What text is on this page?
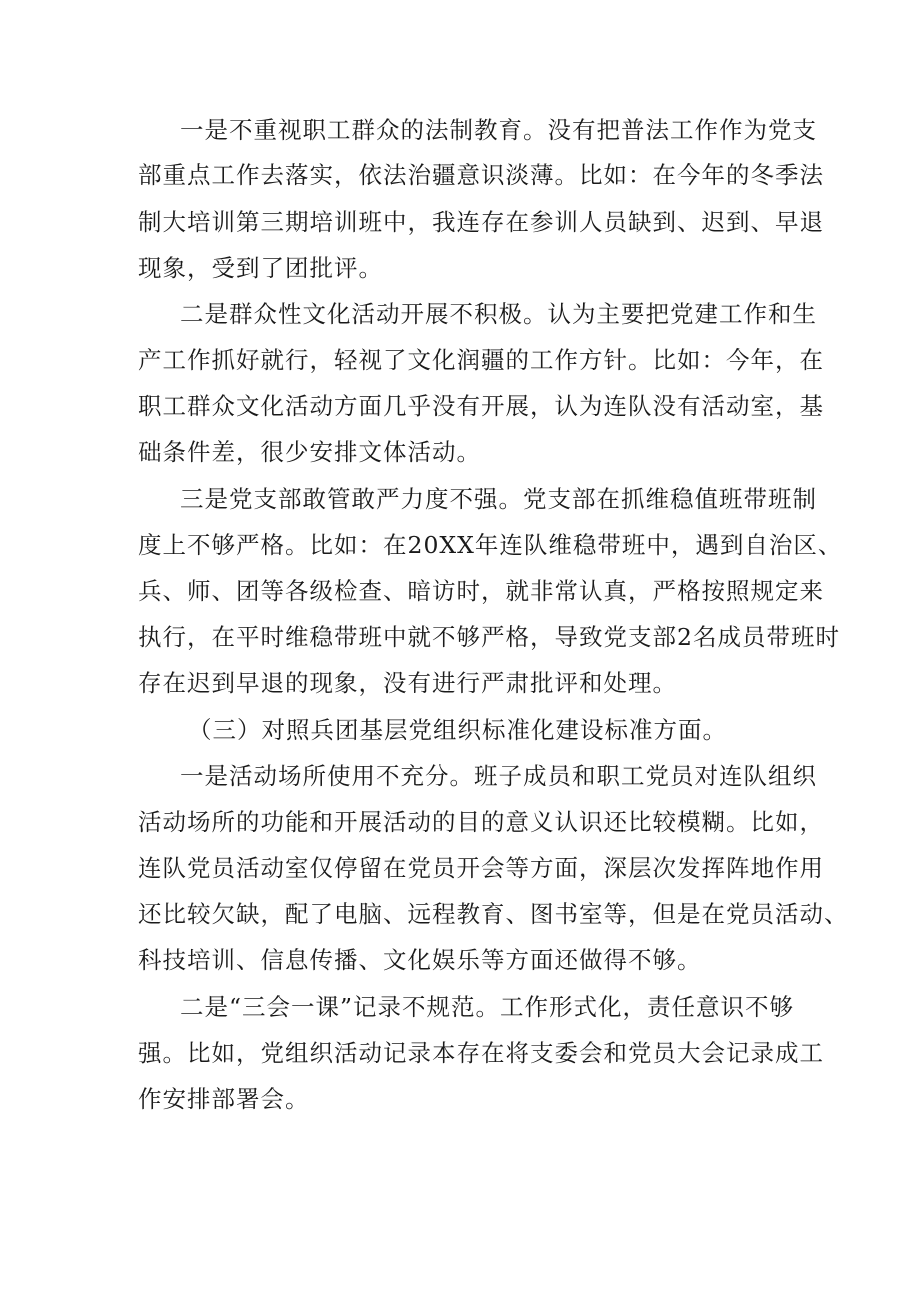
一是不重视职工群众的法制教育。没有把普法工作作为党支
部重点工作去落实，依法治疆意识淡薄。比如：在今年的冬季法
制大培训第三期培训班中，我连存在参训人员缺到、迟到、早退
现象，受到了团批评。
二是群众性文化活动开展不积极。认为主要把党建工作和生
产工作抓好就行，轻视了文化润疆的工作方针。比如：今年，在
职工群众文化活动方面几乎没有开展，认为连队没有活动室，基
础条件差，很少安排文体活动。
三是党支部敢管敢严力度不强。党支部在抓维稳值班带班制
度上不够严格。比如：在20XX年连队维稳带班中，遇到自治区、
兵、师、团等各级检查、暗访时，就非常认真，严格按照规定来
执行，在平时维稳带班中就不够严格，导致党支部2名成员带班时
存在迟到早退的现象，没有进行严肃批评和处理。
（三）对照兵团基层党组织标准化建设标准方面。
一是活动场所使用不充分。班子成员和职工党员对连队组织
活动场所的功能和开展活动的目的意义认识还比较模糊。比如，
连队党员活动室仅停留在党员开会等方面，深层次发挥阵地作用
还比较欠缺，配了电脑、远程教育、图书室等，但是在党员活动、
科技培训、信息传播、文化娱乐等方面还做得不够。
二是“三会一课”记录不规范。工作形式化，责任意识不够
强。比如，党组织活动记录本存在将支委会和党员大会记录成工
作安排部署会。
